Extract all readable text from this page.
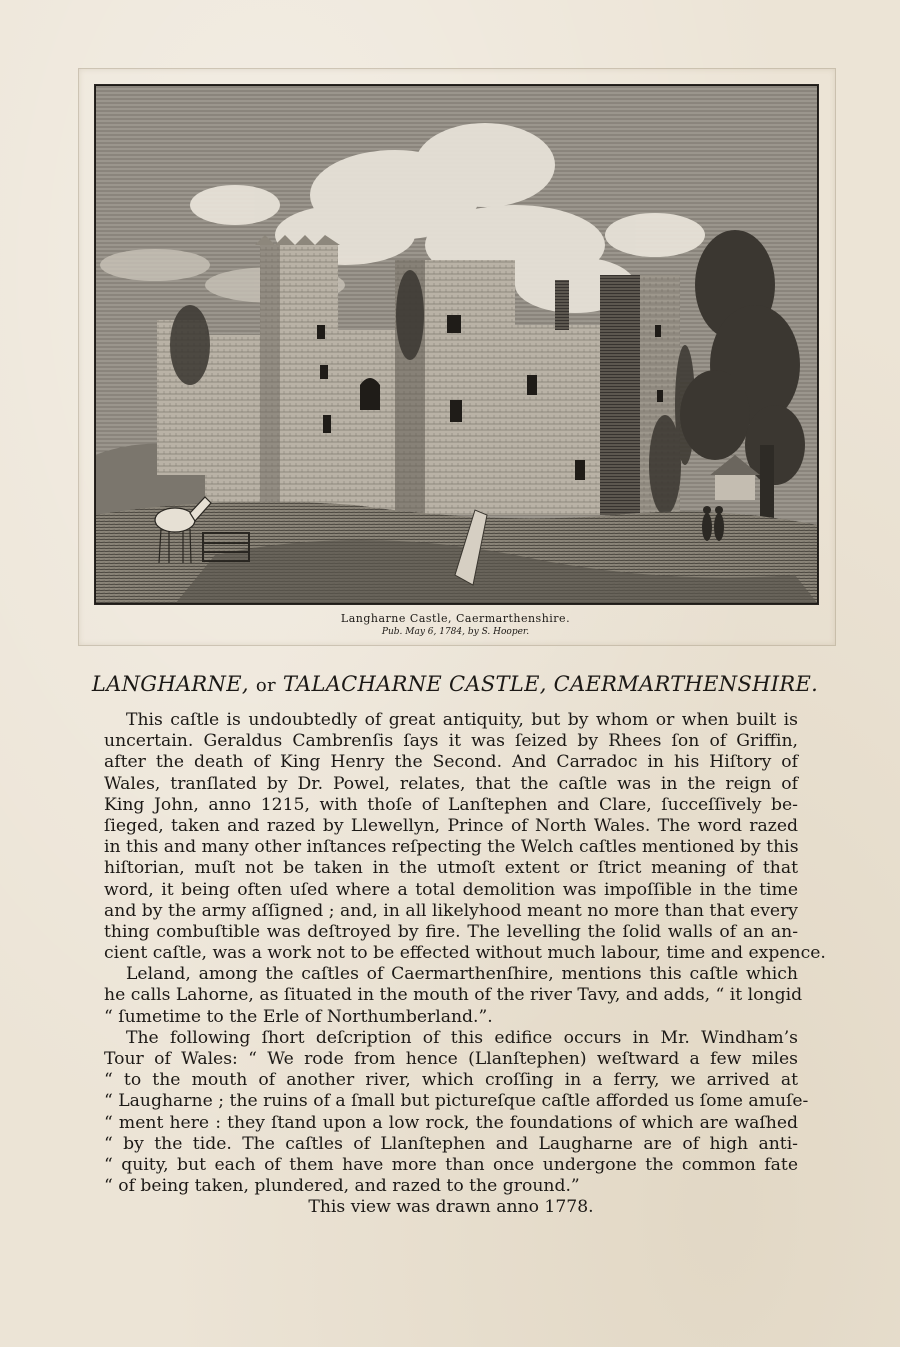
Langharne Castle, Caermarthenshire.
Pub. May 6, 1784, by S. Hooper.
LANGHARNE, or TALACHARNE CASTLE, CAERMARTHENSHIRE.
This caſtle is undoubtedly of great antiquity, but by whom or when built is
uncertain. Geraldus Cambrenſis ſays it was ſeized by Rhees ſon of Griffin,
after the death of King Henry the Second. And Carradoc in his Hiſtory of
Wales, tranſlated by Dr. Powel, relates, that the caſtle was in the reign of
King John, anno 1215, with thoſe of Lanſtephen and Clare, ſucceſſively be-
ſieged, taken and razed by Llewellyn, Prince of North Wales. The word razed
in this and many other inſtances reſpecting the Welch caſtles mentioned by this
hiſtorian, muſt not be taken in the utmoſt extent or ſtrict meaning of that
word, it being often uſed where a total demolition was impoſſible in the time
and by the army aſſigned ; and, in all likelyhood meant no more than that every
thing combuſtible was deſtroyed by fire. The levelling the ſolid walls of an an-
cient caſtle, was a work not to be effected without much labour, time and expence.
Leland, among the caſtles of Caermarthenſhire, mentions this caſtle which
he calls Lahorne, as ſituated in the mouth of the river Tavy, and adds, “ it longid
“ ſumetime to the Erle of Northumberland.”.
The following ſhort deſcription of this edifice occurs in Mr. Windham’s
Tour of Wales: “ We rode from hence (Llanſtephen) weſtward a few miles
“ to the mouth of another river, which croſſing in a ferry, we arrived at
“ Laugharne ; the ruins of a ſmall but pictureſque caſtle afforded us ſome amuſe-
“ ment here : they ſtand upon a low rock, the foundations of which are waſhed
“ by the tide. The caſtles of Llanſtephen and Laugharne are of high anti-
“ quity, but each of them have more than once undergone the common fate
“ of being taken, plundered, and razed to the ground.”
This view was drawn anno 1778.
